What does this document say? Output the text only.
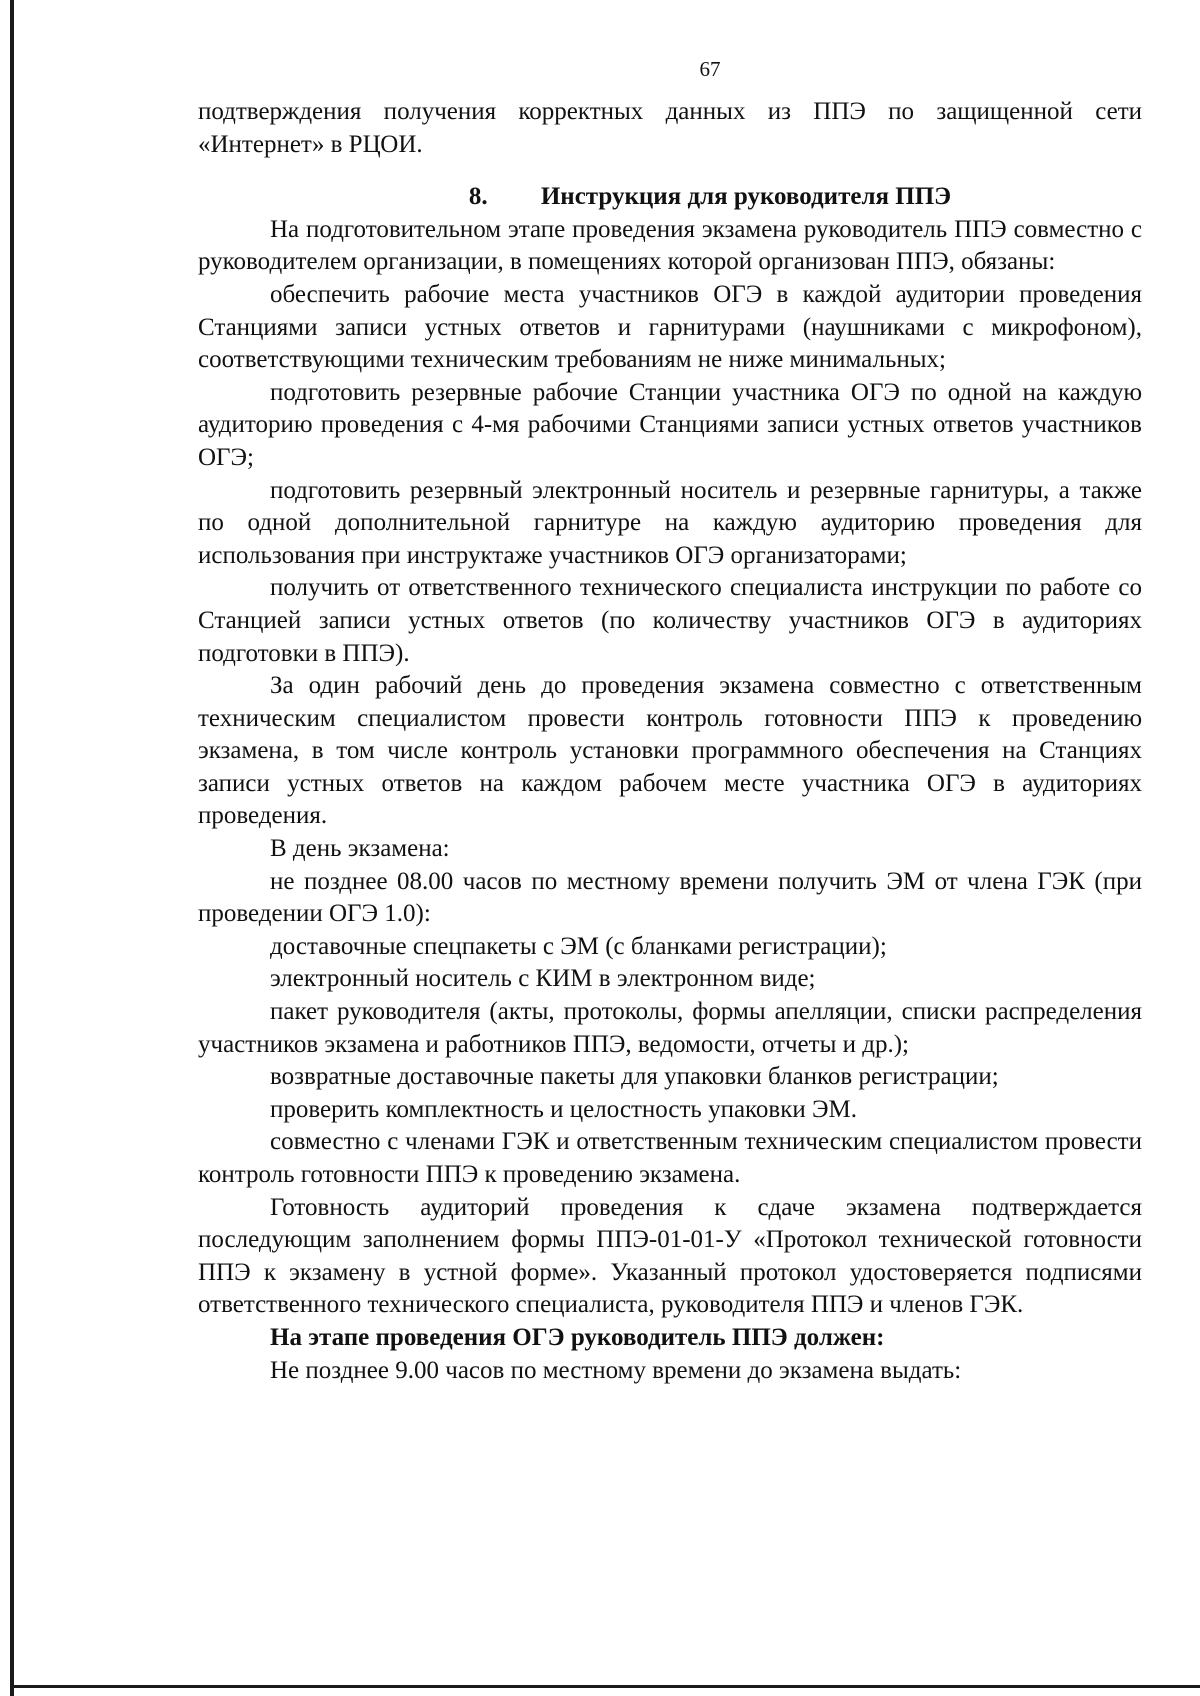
67

подтверждения получения корректных данных из ППЭ по защищенной сети «Интернет» в РЦОИ.

8. Инструкция для руководителя ППЭ

На подготовительном этапе проведения экзамена руководитель ППЭ совместно с руководителем организации, в помещениях которой организован ППЭ, обязаны:

обеспечить рабочие места участников ОГЭ в каждой аудитории проведения Станциями записи устных ответов и гарнитурами (наушниками с микрофоном), соответствующими техническим требованиям не ниже минимальных;

подготовить резервные рабочие Станции участника ОГЭ по одной на каждую аудиторию проведения с 4-мя рабочими Станциями записи устных ответов участников ОГЭ;

подготовить резервный электронный носитель и резервные гарнитуры, а также по одной дополнительной гарнитуре на каждую аудиторию проведения для использования при инструктаже участников ОГЭ организаторами;

получить от ответственного технического специалиста инструкции по работе со Станцией записи устных ответов (по количеству участников ОГЭ в аудиториях подготовки в ППЭ).

За один рабочий день до проведения экзамена совместно с ответственным техническим специалистом провести контроль готовности ППЭ к проведению экзамена, в том числе контроль установки программного обеспечения на Станциях записи устных ответов на каждом рабочем месте участника ОГЭ в аудиториях проведения.

В день экзамена:

не позднее 08.00 часов по местному времени получить ЭМ от члена ГЭК (при проведении ОГЭ 1.0):

доставочные спецпакеты с ЭМ (с бланками регистрации);

электронный носитель с КИМ в электронном виде;

пакет руководителя (акты, протоколы, формы апелляции, списки распределения участников экзамена и работников ППЭ, ведомости, отчеты и др.);

возвратные доставочные пакеты для упаковки бланков регистрации;

проверить комплектность и целостность упаковки ЭМ.

совместно с членами ГЭК и ответственным техническим специалистом провести контроль готовности ППЭ к проведению экзамена.

Готовность аудиторий проведения к сдаче экзамена подтверждается последующим заполнением формы ППЭ-01-01-У «Протокол технической готовности ППЭ к экзамену в устной форме». Указанный протокол удостоверяется подписями ответственного технического специалиста, руководителя ППЭ и членов ГЭК.

На этапе проведения ОГЭ руководитель ППЭ должен:

Не позднее 9.00 часов по местному времени до экзамена выдать:
